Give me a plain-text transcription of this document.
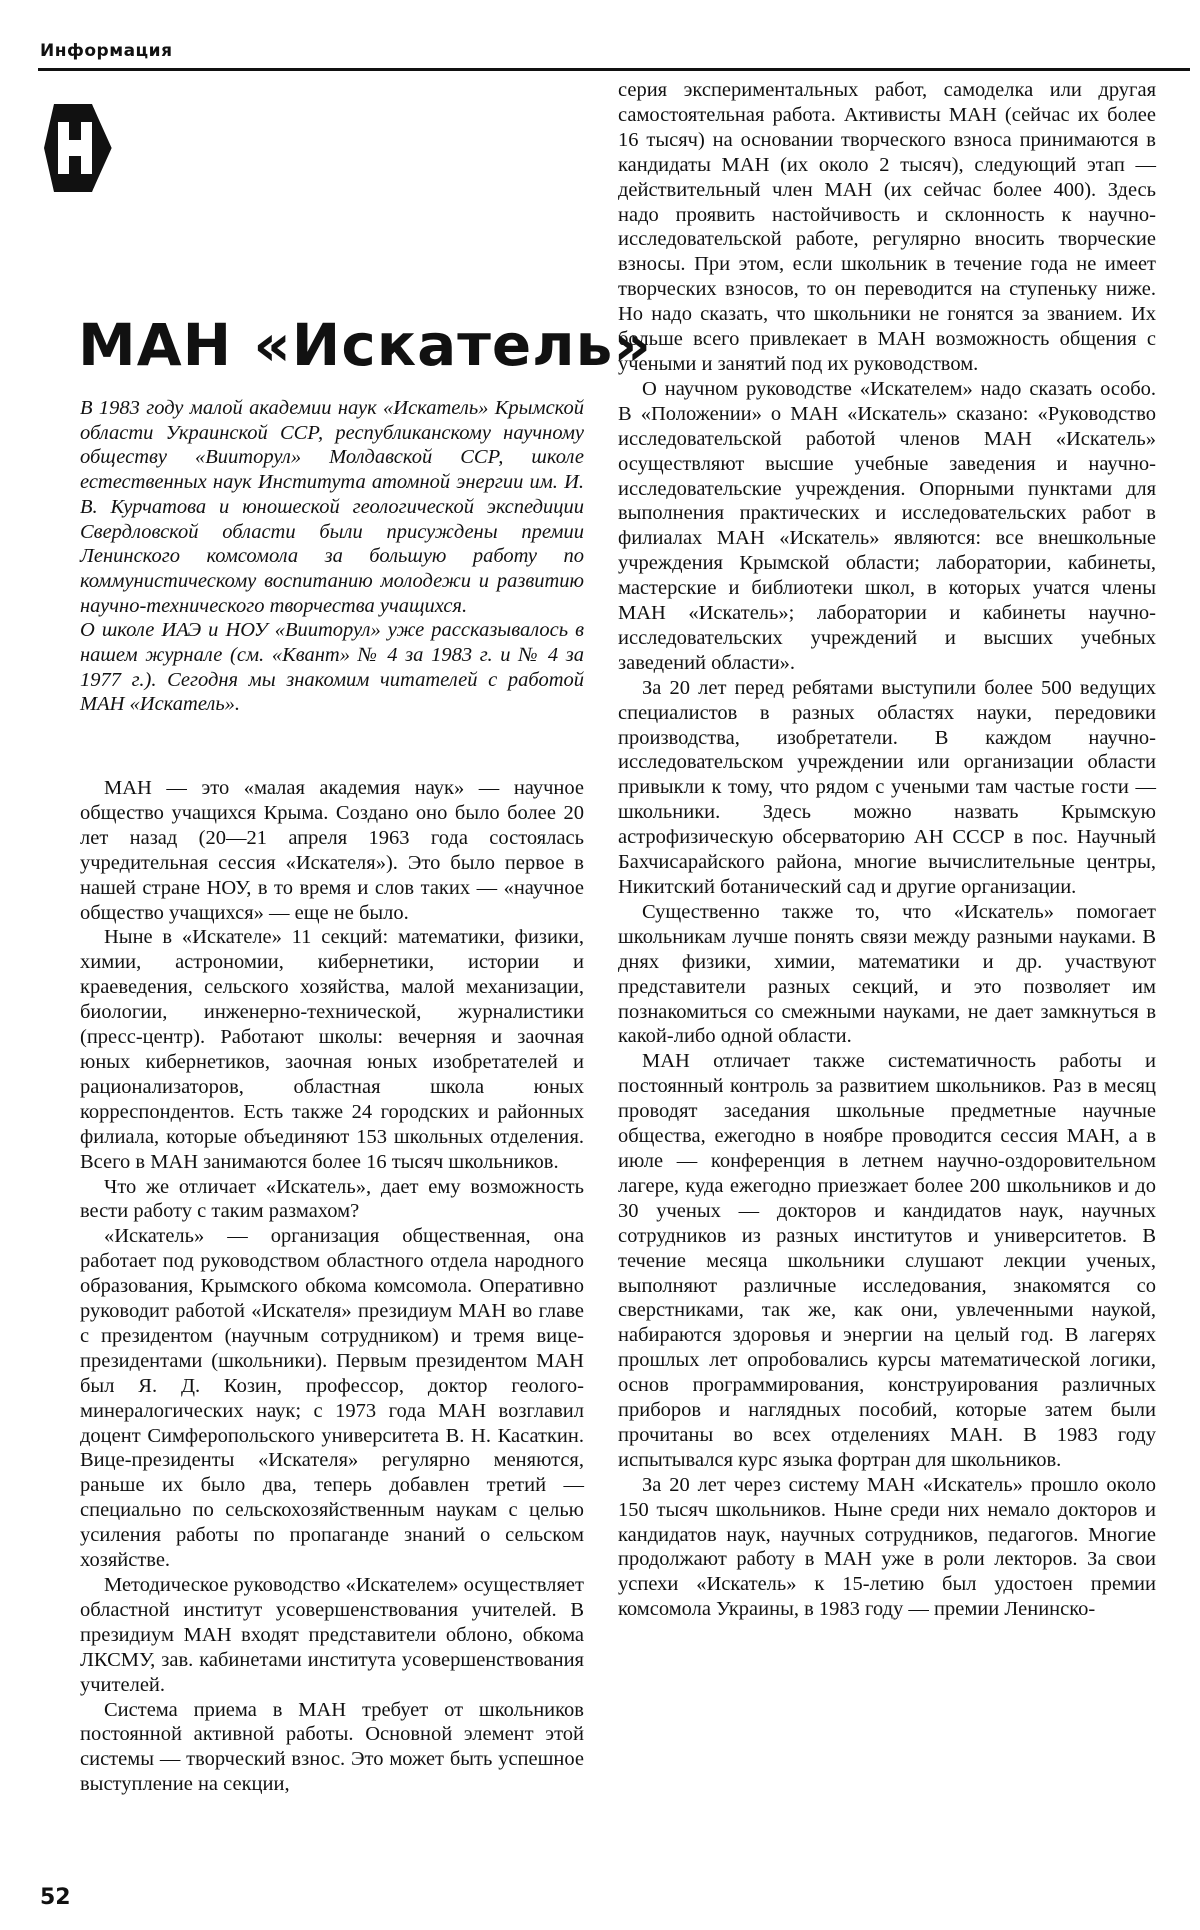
Информация
МАН «Искатель»

В 1983 году малой академии наук «Искатель» Крымской области Украинской ССР, республиканскому научному обществу «Вииторул» Молдавской ССР, школе естественных наук Института атомной энергии им. И. В. Курчатова и юношеской геологической экспедиции Свердловской области были присуждены премии Ленинского комсомола за большую работу по коммунистическому воспитанию молодежи и развитию научно-технического творчества учащихся.

О школе ИАЭ и НОУ «Вииторул» уже рассказывалось в нашем журнале (см. «Квант» № 4 за 1983 г. и № 4 за 1977 г.). Сегодня мы знакомим читателей с работой МАН «Искатель».

МАН — это «малая академия наук» — научное общество учащихся Крыма. Создано оно было более 20 лет назад (20—21 апреля 1963 года состоялась учредительная сессия «Искателя»). Это было первое в нашей стране НОУ, в то время и слов таких — «научное общество учащихся» — еще не было.

Ныне в «Искателе» 11 секций: математики, физики, химии, астрономии, кибернетики, истории и краеведения, сельского хозяйства, малой механизации, биологии, инженерно-технической, журналистики (пресс-центр). Работают школы: вечерняя и заочная юных кибернетиков, заочная юных изобретателей и рационализаторов, областная школа юных корреспондентов. Есть также 24 городских и районных филиала, которые объединяют 153 школьных отделения. Всего в МАН занимаются более 16 тысяч школьников.

Что же отличает «Искатель», дает ему возможность вести работу с таким размахом?

«Искатель» — организация общественная, она работает под руководством областного отдела народного образования, Крымского обкома комсомола. Оперативно руководит работой «Искателя» президиум МАН во главе с президентом (научным сотрудником) и тремя вице-президентами (школьники). Первым президентом МАН был Я. Д. Козин, профессор, доктор геолого-минералогических наук; с 1973 года МАН возглавил доцент Симферопольского университета В. Н. Касаткин. Вице-президенты «Искателя» регулярно меняются, раньше их было два, теперь добавлен третий — специально по сельскохозяйственным наукам с целью усиления работы по пропаганде знаний о сельском хозяйстве.

Методическое руководство «Искателем» осуществляет областной институт усовершенствования учителей. В президиум МАН входят представители облоно, обкома ЛКСМУ, зав. кабинетами института усовершенствования учителей.

Система приема в МАН требует от школьников постоянной активной работы. Основной элемент этой системы — творческий взнос. Это может быть успешное выступление на секции,

серия экспериментальных работ, самоделка или другая самостоятельная работа. Активисты МАН (сейчас их более 16 тысяч) на основании творческого взноса принимаются в кандидаты МАН (их около 2 тысяч), следующий этап — действительный член МАН (их сейчас более 400). Здесь надо проявить настойчивость и склонность к научно-исследовательской работе, регулярно вносить творческие взносы. При этом, если школьник в течение года не имеет творческих взносов, то он переводится на ступеньку ниже. Но надо сказать, что школьники не гонятся за званием. Их больше всего привлекает в МАН возможность общения с учеными и занятий под их руководством.

О научном руководстве «Искателем» надо сказать особо. В «Положении» о МАН «Искатель» сказано: «Руководство исследовательской работой членов МАН «Искатель» осуществляют высшие учебные заведения и научно-исследовательские учреждения. Опорными пунктами для выполнения практических и исследовательских работ в филиалах МАН «Искатель» являются: все внешкольные учреждения Крымской области; лаборатории, кабинеты, мастерские и библиотеки школ, в которых учатся члены МАН «Искатель»; лаборатории и кабинеты научно-исследовательских учреждений и высших учебных заведений области».

За 20 лет перед ребятами выступили более 500 ведущих специалистов в разных областях науки, передовики производства, изобретатели. В каждом научно-исследовательском учреждении или организации области привыкли к тому, что рядом с учеными там частые гости — школьники. Здесь можно назвать Крымскую астрофизическую обсерваторию АН СССР в пос. Научный Бахчисарайского района, многие вычислительные центры, Никитский ботанический сад и другие организации.

Существенно также то, что «Искатель» помогает школьникам лучше понять связи между разными науками. В днях физики, химии, математики и др. участвуют представители разных секций, и это позволяет им познакомиться со смежными науками, не дает замкнуться в какой-либо одной области.

МАН отличает также систематичность работы и постоянный контроль за развитием школьников. Раз в месяц проводят заседания школьные предметные научные общества, ежегодно в ноябре проводится сессия МАН, а в июле — конференция в летнем научно-оздоровительном лагере, куда ежегодно приезжает более 200 школьников и до 30 ученых — докторов и кандидатов наук, научных сотрудников из разных институтов и университетов. В течение месяца школьники слушают лекции ученых, выполняют различные исследования, знакомятся со сверстниками, так же, как они, увлеченными наукой, набираются здоровья и энергии на целый год. В лагерях прошлых лет опробовались курсы математической логики, основ программирования, конструирования различных приборов и наглядных пособий, которые затем были прочитаны во всех отделениях МАН. В 1983 году испытывался курс языка фортран для школьников.

За 20 лет через систему МАН «Искатель» прошло около 150 тысяч школьников. Ныне среди них немало докторов и кандидатов наук, научных сотрудников, педагогов. Многие продолжают работу в МАН уже в роли лекторов. За свои успехи «Искатель» к 15-летию был удостоен премии комсомола Украины, в 1983 году — премии Ленинско-

52
